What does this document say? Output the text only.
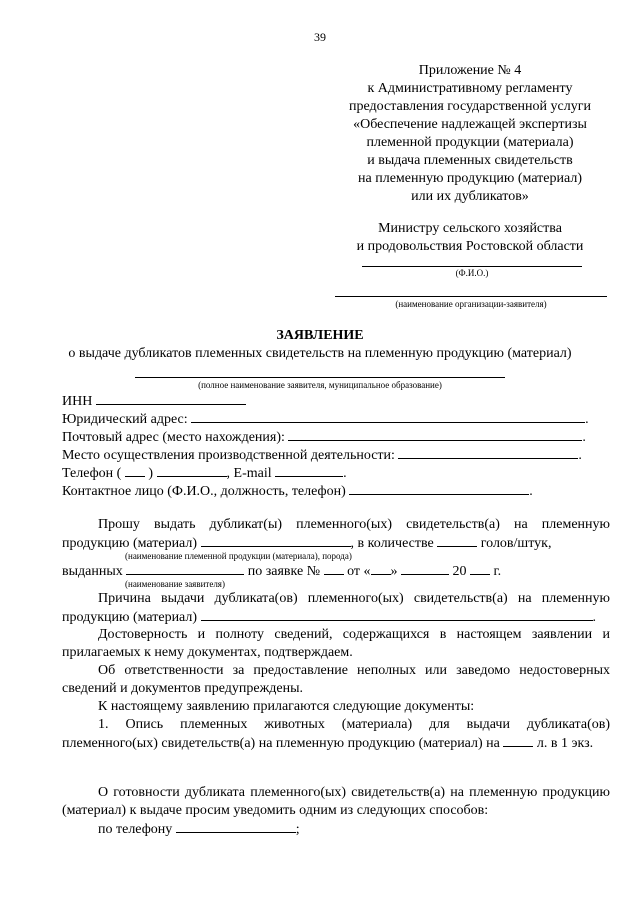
39
Приложение № 4
к Административному регламенту
предоставления государственной услуги
«Обеспечение надлежащей экспертизы
племенной продукции (материала)
и выдача племенных свидетельств
на племенную продукцию (материал)
или их дубликатов»
Министру сельского хозяйства
и продовольствия Ростовской области
(Ф.И.О.)
(наименование организации-заявителя)
ЗАЯВЛЕНИЕ
о выдаче дубликатов племенных свидетельств на племенную продукцию (материал)
(полное наименование заявителя, муниципальное образование)
ИНН
Юридический адрес:	.
Почтовый адрес (место нахождения):	.
Место осуществления производственной деятельности:	.
Телефон ( )	, E-mail	.
Контактное лицо (Ф.И.О., должность, телефон)	.
Прошу выдать дубликат(ы) племенного(ых) свидетельств(а) на племенную
продукцию (материал)	, в количестве	голов/штук,
(наименование племенной продукции (материала), порода)
выданных	по заявке № от « »	20 г.
(наименование заявителя)
Причина выдачи дубликата(ов) племенного(ых) свидетельств(а) на племенную
продукцию (материал)	.
Достоверность и полноту сведений, содержащихся в настоящем заявлении и прилагаемых к нему документах, подтверждаем.
Об ответственности за предоставление неполных или заведомо недостоверных сведений и документов предупреждены.
К настоящему заявлению прилагаются следующие документы:
1. Опись племенных животных (материала) для выдачи дубликата(ов) племенного(ых) свидетельств(а) на племенную продукцию (материал) на	л. в 1 экз.
О готовности дубликата племенного(ых) свидетельств(а) на племенную продукцию (материал) к выдаче просим уведомить одним из следующих способов:
по телефону	;
